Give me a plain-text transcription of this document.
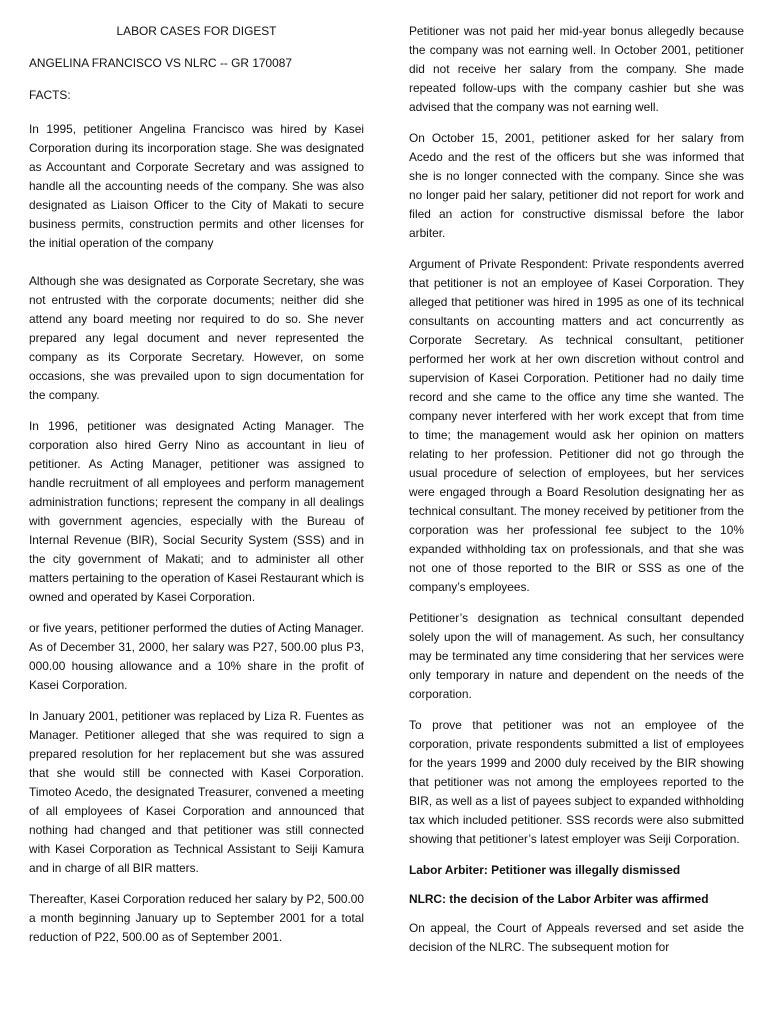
LABOR CASES FOR DIGEST

ANGELINA FRANCISCO VS NLRC -- GR 170087

FACTS:

In 1995, petitioner Angelina Francisco was hired by Kasei Corporation during its incorporation stage. She was designated as Accountant and Corporate Secretary and was assigned to handle all the accounting needs of the company. She was also designated as Liaison Officer to the City of Makati to secure business permits, construction permits and other licenses for the initial operation of the company

Although she was designated as Corporate Secretary, she was not entrusted with the corporate documents; neither did she attend any board meeting nor required to do so. She never prepared any legal document and never represented the company as its Corporate Secretary. However, on some occasions, she was prevailed upon to sign documentation for the company.

In 1996, petitioner was designated Acting Manager. The corporation also hired Gerry Nino as accountant in lieu of petitioner. As Acting Manager, petitioner was assigned to handle recruitment of all employees and perform management administration functions; represent the company in all dealings with government agencies, especially with the Bureau of Internal Revenue (BIR), Social Security System (SSS) and in the city government of Makati; and to administer all other matters pertaining to the operation of Kasei Restaurant which is owned and operated by Kasei Corporation.

or five years, petitioner performed the duties of Acting Manager. As of December 31, 2000, her salary was P27, 500.00 plus P3, 000.00 housing allowance and a 10% share in the profit of Kasei Corporation.

In January 2001, petitioner was replaced by Liza R. Fuentes as Manager. Petitioner alleged that she was required to sign a prepared resolution for her replacement but she was assured that she would still be connected with Kasei Corporation. Timoteo Acedo, the designated Treasurer, convened a meeting of all employees of Kasei Corporation and announced that nothing had changed and that petitioner was still connected with Kasei Corporation as Technical Assistant to Seiji Kamura and in charge of all BIR matters.

Thereafter, Kasei Corporation reduced her salary by P2, 500.00 a month beginning January up to September 2001 for a total reduction of P22, 500.00 as of September 2001.

Petitioner was not paid her mid-year bonus allegedly because the company was not earning well. In October 2001, petitioner did not receive her salary from the company. She made repeated follow-ups with the company cashier but she was advised that the company was not earning well.

On October 15, 2001, petitioner asked for her salary from Acedo and the rest of the officers but she was informed that she is no longer connected with the company. Since she was no longer paid her salary, petitioner did not report for work and filed an action for constructive dismissal before the labor arbiter.

Argument of Private Respondent: Private respondents averred that petitioner is not an employee of Kasei Corporation. They alleged that petitioner was hired in 1995 as one of its technical consultants on accounting matters and act concurrently as Corporate Secretary. As technical consultant, petitioner performed her work at her own discretion without control and supervision of Kasei Corporation. Petitioner had no daily time record and she came to the office any time she wanted. The company never interfered with her work except that from time to time; the management would ask her opinion on matters relating to her profession. Petitioner did not go through the usual procedure of selection of employees, but her services were engaged through a Board Resolution designating her as technical consultant. The money received by petitioner from the corporation was her professional fee subject to the 10% expanded withholding tax on professionals, and that she was not one of those reported to the BIR or SSS as one of the company’s employees.

Petitioner’s designation as technical consultant depended solely upon the will of management. As such, her consultancy may be terminated any time considering that her services were only temporary in nature and dependent on the needs of the corporation.

To prove that petitioner was not an employee of the corporation, private respondents submitted a list of employees for the years 1999 and 2000 duly received by the BIR showing that petitioner was not among the employees reported to the BIR, as well as a list of payees subject to expanded withholding tax which included petitioner. SSS records were also submitted showing that petitioner’s latest employer was Seiji Corporation.

Labor Arbiter: Petitioner was illegally dismissed

NLRC: the decision of the Labor Arbiter was affirmed

On appeal, the Court of Appeals reversed and set aside the decision of the NLRC. The subsequent motion for
